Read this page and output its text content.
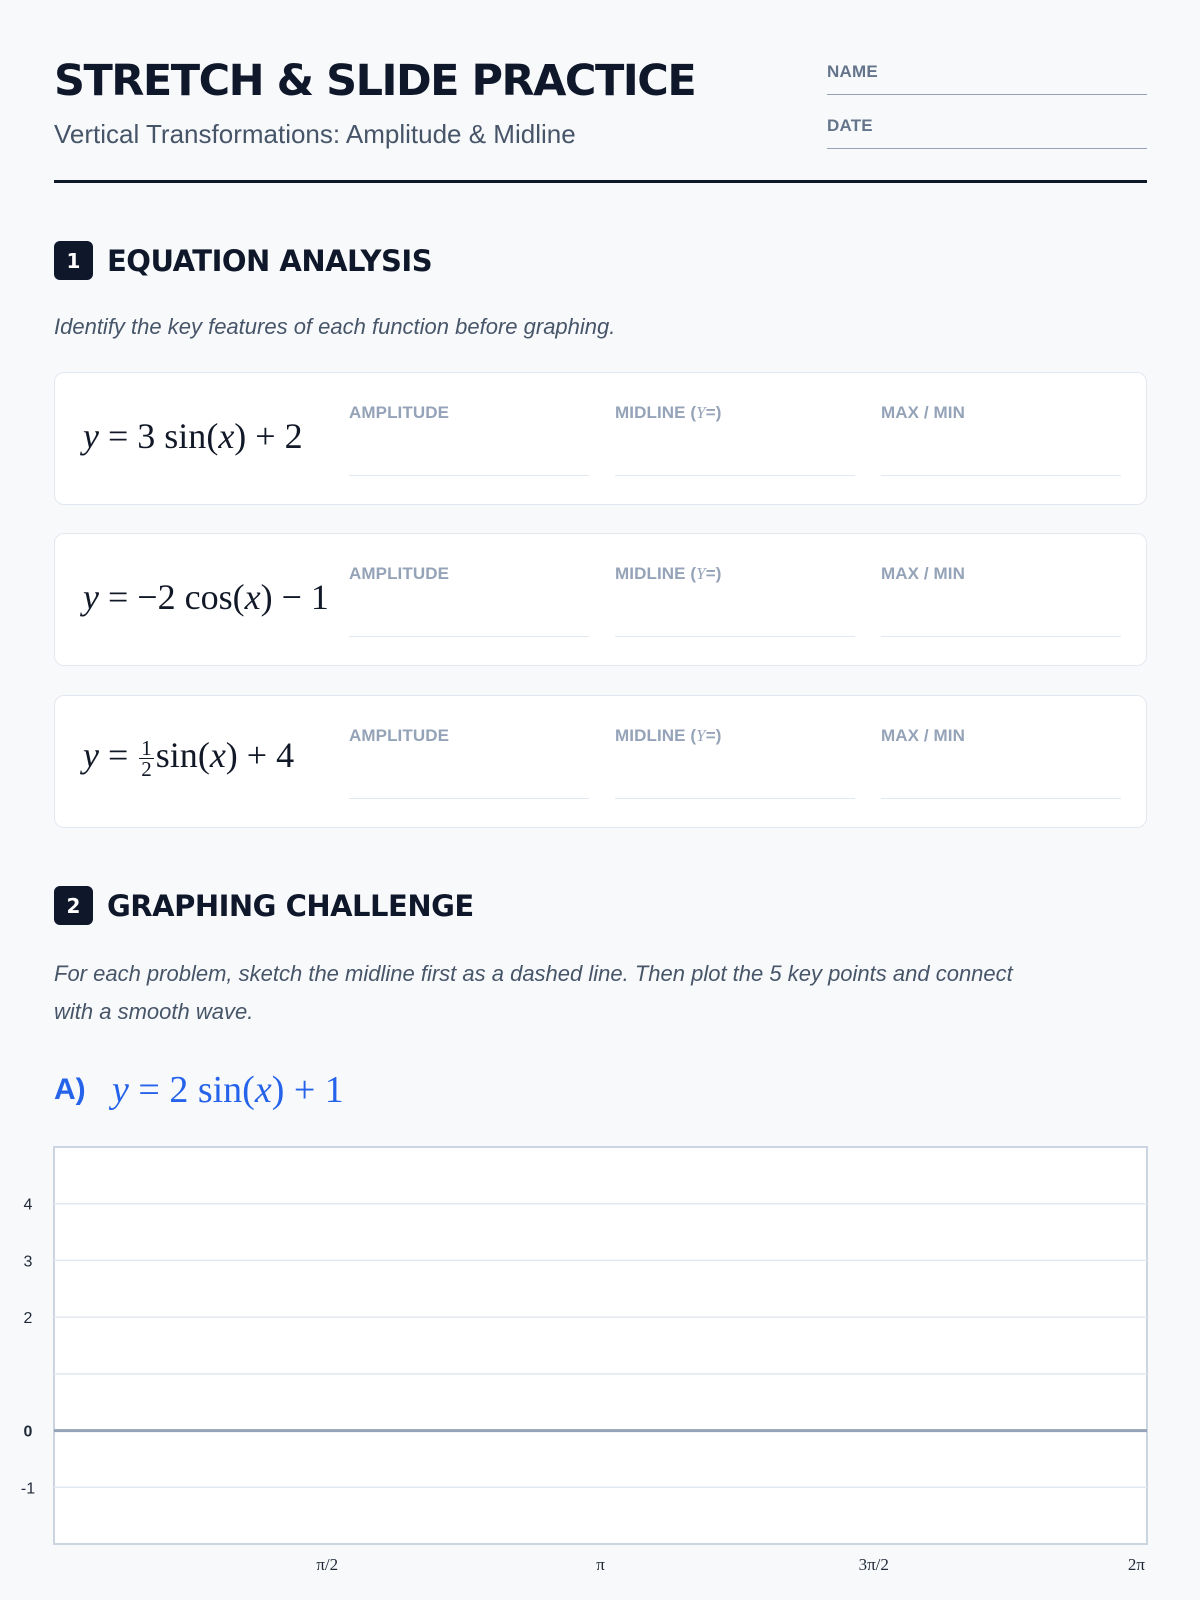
STRETCH & SLIDE PRACTICE

Vertical Transformations: Amplitude & Midline

NAME
DATE
1 EQUATION ANALYSIS

Identify the key features of each function before graphing.

y = 3 sin(x) + 2
AMPLITUDE	MIDLINE (Y=)	MAX / MIN
y = −2 cos(x) − 1
AMPLITUDE	MIDLINE (Y=)	MAX / MIN
$y = \frac{1}{2} \sin(x) + 4$	AMPLITUDE	MIDLINE (Y=)	MAX / MIN
2 GRAPHING CHALLENGE
For each problem, sketch the midline first as a dashed line. Then plot the 5 key points and connect
with a smooth wave.
A) y = 2 sin(x) + 1
4
3
2
0
-1
π/2	π	3π/2	2π
